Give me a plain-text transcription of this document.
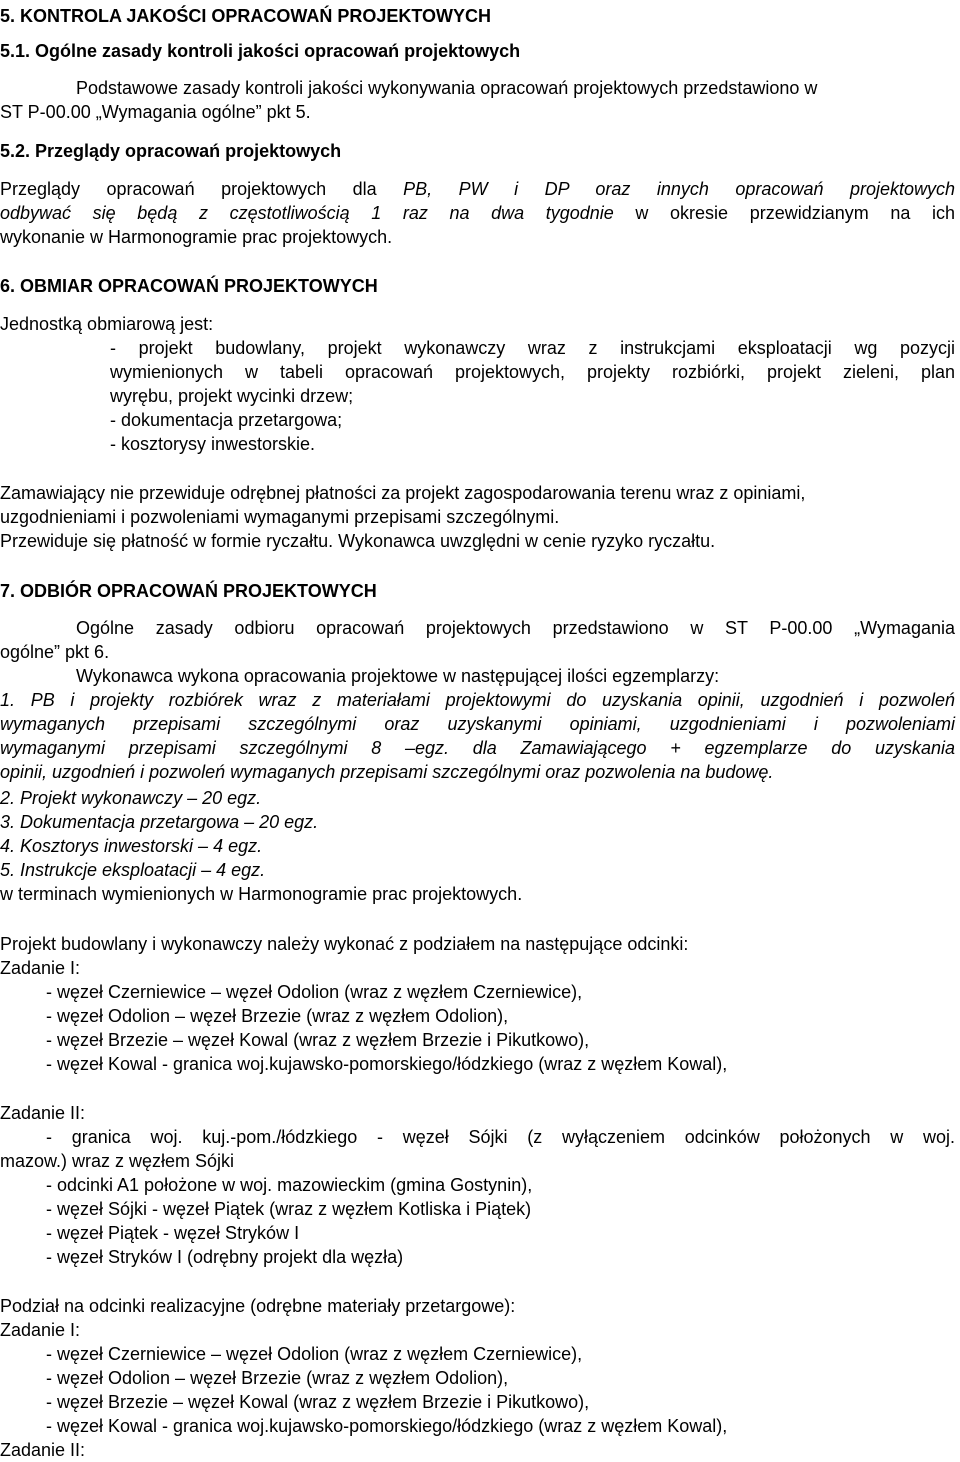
5. KONTROLA JAKOŚCI OPRACOWAŃ PROJEKTOWYCH
5.1. Ogólne zasady kontroli jakości opracowań projektowych
Podstawowe zasady kontroli jakości wykonywania opracowań projektowych przedstawiono w
ST P-00.00 „Wymagania ogólne” pkt 5.
5.2. Przeglądy opracowań projektowych
Przeglądy opracowań projektowych dla PB, PW i DP oraz innych opracowań projektowych
odbywać się będą z częstotliwością 1 raz na dwa tygodnie w okresie przewidzianym na ich
wykonanie w Harmonogramie prac projektowych.
6. OBMIAR OPRACOWAŃ PROJEKTOWYCH
Jednostką obmiarową jest:
- projekt budowlany, projekt wykonawczy wraz z instrukcjami eksploatacji wg pozycji
wymienionych w tabeli opracowań projektowych, projekty rozbiórki, projekt zieleni, plan
wyrębu, projekt wycinki drzew;
- dokumentacja przetargowa;
- kosztorysy inwestorskie.
Zamawiający nie przewiduje odrębnej płatności za projekt zagospodarowania terenu wraz z opiniami,
uzgodnieniami i pozwoleniami wymaganymi przepisami szczególnymi.
Przewiduje się płatność w formie ryczałtu. Wykonawca uwzględni w cenie ryzyko ryczałtu.
7. ODBIÓR OPRACOWAŃ PROJEKTOWYCH
Ogólne zasady odbioru opracowań projektowych przedstawiono w ST P-00.00 „Wymagania
ogólne” pkt 6.
Wykonawca wykona opracowania projektowe w następującej ilości egzemplarzy:
1. PB i projekty rozbiórek wraz z materiałami projektowymi do uzyskania opinii, uzgodnień i pozwoleń
wymaganych przepisami szczególnymi oraz uzyskanymi opiniami, uzgodnieniami i pozwoleniami
wymaganymi przepisami szczególnymi 8 –egz. dla Zamawiającego + egzemplarze do uzyskania
opinii, uzgodnień i pozwoleń wymaganych przepisami szczególnymi oraz pozwolenia na budowę.
2. Projekt wykonawczy – 20 egz.
3. Dokumentacja przetargowa – 20 egz.
4. Kosztorys inwestorski – 4 egz.
5. Instrukcje eksploatacji – 4 egz.
w terminach wymienionych w Harmonogramie prac projektowych.
Projekt budowlany i wykonawczy należy wykonać z podziałem na następujące odcinki:
Zadanie I:
- węzeł Czerniewice – węzeł Odolion (wraz z węzłem Czerniewice),
- węzeł Odolion – węzeł Brzezie (wraz z węzłem Odolion),
- węzeł Brzezie – węzeł Kowal (wraz z węzłem Brzezie i Pikutkowo),
- węzeł Kowal - granica woj.kujawsko-pomorskiego/łódzkiego (wraz z węzłem Kowal),
Zadanie II:
- granica woj. kuj.-pom./łódzkiego - węzeł Sójki (z wyłączeniem odcinków położonych w woj.
mazow.) wraz z węzłem Sójki
- odcinki A1 położone w woj. mazowieckim (gmina Gostynin),
- węzeł Sójki - węzeł Piątek (wraz z węzłem Kotliska i Piątek)
- węzeł Piątek - węzeł Stryków I
- węzeł Stryków I (odrębny projekt dla węzła)
Podział na odcinki realizacyjne (odrębne materiały przetargowe):
Zadanie I:
- węzeł Czerniewice – węzeł Odolion (wraz z węzłem Czerniewice),
- węzeł Odolion – węzeł Brzezie (wraz z węzłem Odolion),
- węzeł Brzezie – węzeł Kowal (wraz z węzłem Brzezie i Pikutkowo),
- węzeł Kowal - granica woj.kujawsko-pomorskiego/łódzkiego (wraz z węzłem Kowal),
Zadanie II:
